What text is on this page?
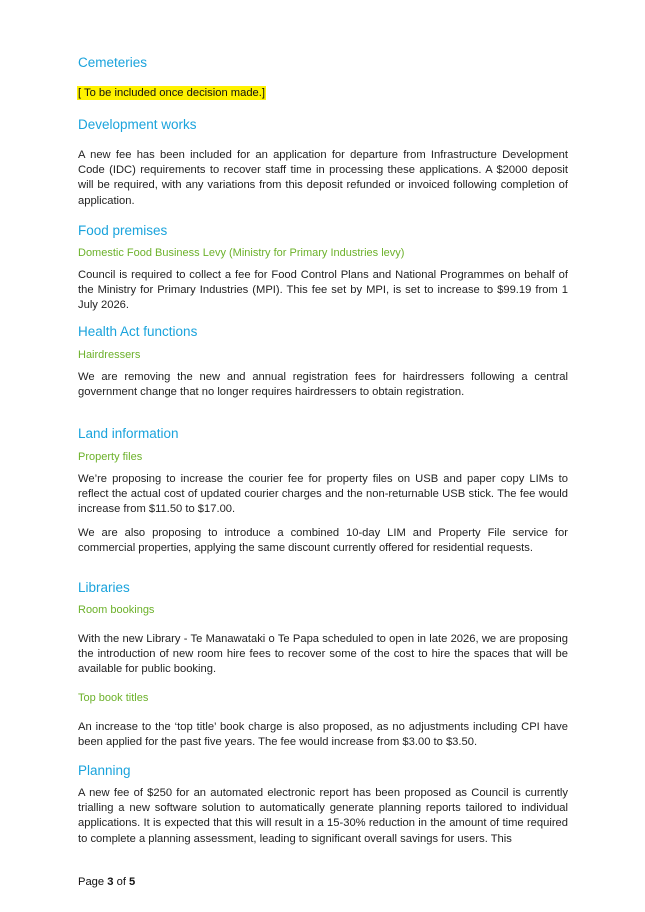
Cemeteries
[ To be included once decision made.]
Development works

A new fee has been included for an application for departure from Infrastructure Development Code (IDC) requirements to recover staff time in processing these applications. A $2000 deposit will be required, with any variations from this deposit refunded or invoiced following completion of application.

Food premises
Domestic Food Business Levy (Ministry for Primary Industries levy)

Council is required to collect a fee for Food Control Plans and National Programmes on behalf of the Ministry for Primary Industries (MPI). This fee set by MPI, is set to increase to $99.19 from 1 July 2026.

Health Act functions
Hairdressers

We are removing the new and annual registration fees for hairdressers following a central government change that no longer requires hairdressers to obtain registration.

Land information
Property files

We’re proposing to increase the courier fee for property files on USB and paper copy LIMs to reflect the actual cost of updated courier charges and the non-returnable USB stick. The fee would increase from $11.50 to $17.00.

We are also proposing to introduce a combined 10-day LIM and Property File service for commercial properties, applying the same discount currently offered for residential requests.

Libraries
Room bookings

With the new Library - Te Manawataki o Te Papa scheduled to open in late 2026, we are proposing the introduction of new room hire fees to recover some of the cost to hire the spaces that will be available for public booking.

Top book titles

An increase to the ‘top title’ book charge is also proposed, as no adjustments including CPI have been applied for the past five years. The fee would increase from $3.00 to $3.50.

Planning

A new fee of $250 for an automated electronic report has been proposed as Council is currently trialling a new software solution to automatically generate planning reports tailored to individual applications. It is expected that this will result in a 15-30% reduction in the amount of time required to complete a planning assessment, leading to significant overall savings for users. This

Page 3 of 5
